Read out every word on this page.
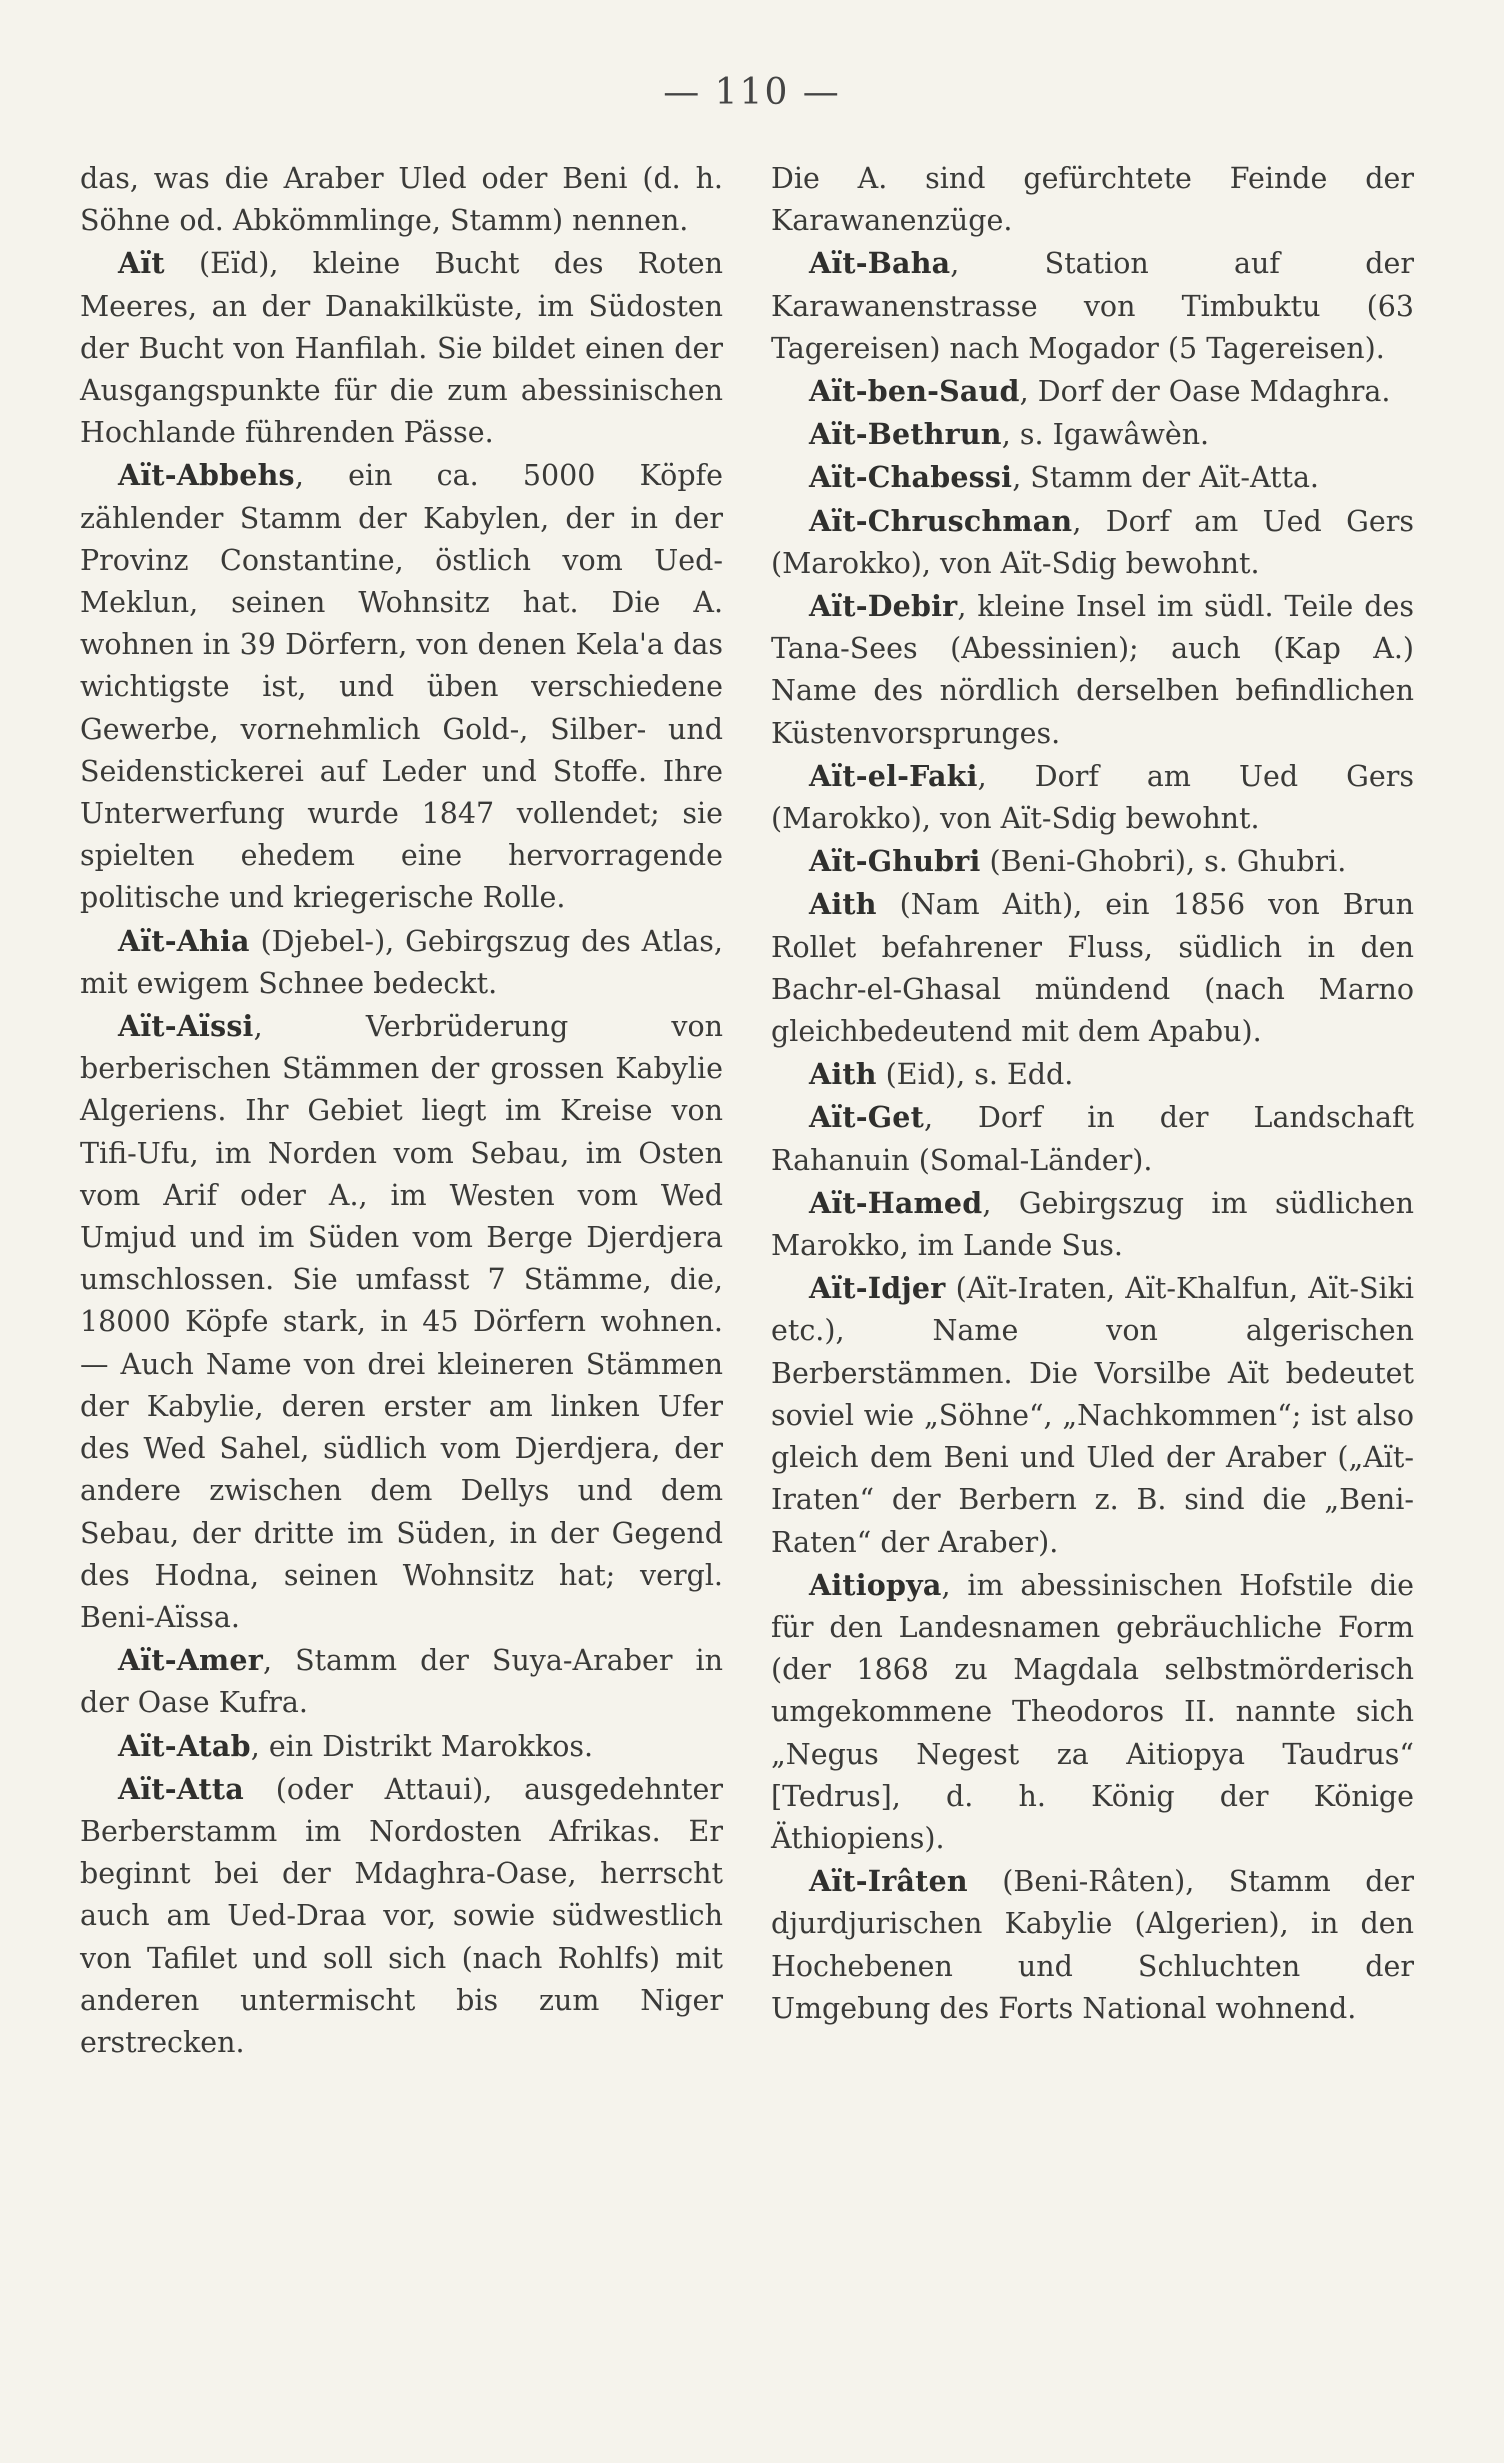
— 110 —

das, was die Araber Uled oder Beni (d. h. Söhne od. Abkömmlinge, Stamm) nennen.

Aït (Eïd), kleine Bucht des Roten Meeres, an der Danakilküste, im Südosten der Bucht von Hanfilah. Sie bildet einen der Ausgangspunkte für die zum abessinischen Hochlande führenden Pässe.

Aït-Abbehs, ein ca. 5000 Köpfe zählender Stamm der Kabylen, der in der Provinz Constantine, östlich vom Ued-Meklun, seinen Wohnsitz hat. Die A. wohnen in 39 Dörfern, von denen Kela'a das wichtigste ist, und üben verschiedene Gewerbe, vornehmlich Gold-, Silber- und Seidenstickerei auf Leder und Stoffe. Ihre Unterwerfung wurde 1847 vollendet; sie spielten ehedem eine hervorragende politische und kriegerische Rolle.

Aït-Ahia (Djebel-), Gebirgszug des Atlas, mit ewigem Schnee bedeckt.

Aït-Aïssi, Verbrüderung von berberischen Stämmen der grossen Kabylie Algeriens. Ihr Gebiet liegt im Kreise von Tifi-Ufu, im Norden vom Sebau, im Osten vom Arif oder A., im Westen vom Wed Umjud und im Süden vom Berge Djerdjera umschlossen. Sie umfasst 7 Stämme, die, 18000 Köpfe stark, in 45 Dörfern wohnen. — Auch Name von drei kleineren Stämmen der Kabylie, deren erster am linken Ufer des Wed Sahel, südlich vom Djerdjera, der andere zwischen dem Dellys und dem Sebau, der dritte im Süden, in der Gegend des Hodna, seinen Wohnsitz hat; vergl. Beni-Aïssa.

Aït-Amer, Stamm der Suya-Araber in der Oase Kufra.

Aït-Atab, ein Distrikt Marokkos.

Aït-Atta (oder Attaui), ausgedehnter Berberstamm im Nordosten Afrikas. Er beginnt bei der Mdaghra-Oase, herrscht auch am Ued-Draa vor, sowie südwestlich von Tafilet und soll sich (nach Rohlfs) mit anderen untermischt bis zum Niger erstrecken.

Die A. sind gefürchtete Feinde der Karawanenzüge.

Aït-Baha, Station auf der Karawanenstrasse von Timbuktu (63 Tagereisen) nach Mogador (5 Tagereisen).

Aït-ben-Saud, Dorf der Oase Mdaghra.

Aït-Bethrun, s. Igawâwèn.

Aït-Chabessi, Stamm der Aït-Atta.

Aït-Chruschman, Dorf am Ued Gers (Marokko), von Aït-Sdig bewohnt.

Aït-Debir, kleine Insel im südl. Teile des Tana-Sees (Abessinien); auch (Kap A.) Name des nördlich derselben befindlichen Küstenvorsprunges.

Aït-el-Faki, Dorf am Ued Gers (Marokko), von Aït-Sdig bewohnt.

Aït-Ghubri (Beni-Ghobri), s. Ghubri.

Aith (Nam Aith), ein 1856 von Brun Rollet befahrener Fluss, südlich in den Bachr-el-Ghasal mündend (nach Marno gleichbedeutend mit dem Apabu).

Aith (Eid), s. Edd.

Aït-Get, Dorf in der Landschaft Rahanuin (Somal-Länder).

Aït-Hamed, Gebirgszug im südlichen Marokko, im Lande Sus.

Aït-Idjer (Aït-Iraten, Aït-Khalfun, Aït-Siki etc.), Name von algerischen Berberstämmen. Die Vorsilbe Aït bedeutet soviel wie „Söhne“, „Nachkommen“; ist also gleich dem Beni und Uled der Araber („Aït-Iraten“ der Berbern z. B. sind die „Beni-Raten“ der Araber).

Aitiopya, im abessinischen Hofstile die für den Landesnamen gebräuchliche Form (der 1868 zu Magdala selbstmörderisch umgekommene Theodoros II. nannte sich „Negus Negest za Aitiopya Taudrus“ [Tedrus], d. h. König der Könige Äthiopiens).

Aït-Irâten (Beni-Râten), Stamm der djurdjurischen Kabylie (Algerien), in den Hochebenen und Schluchten der Umgebung des Forts National wohnend.
